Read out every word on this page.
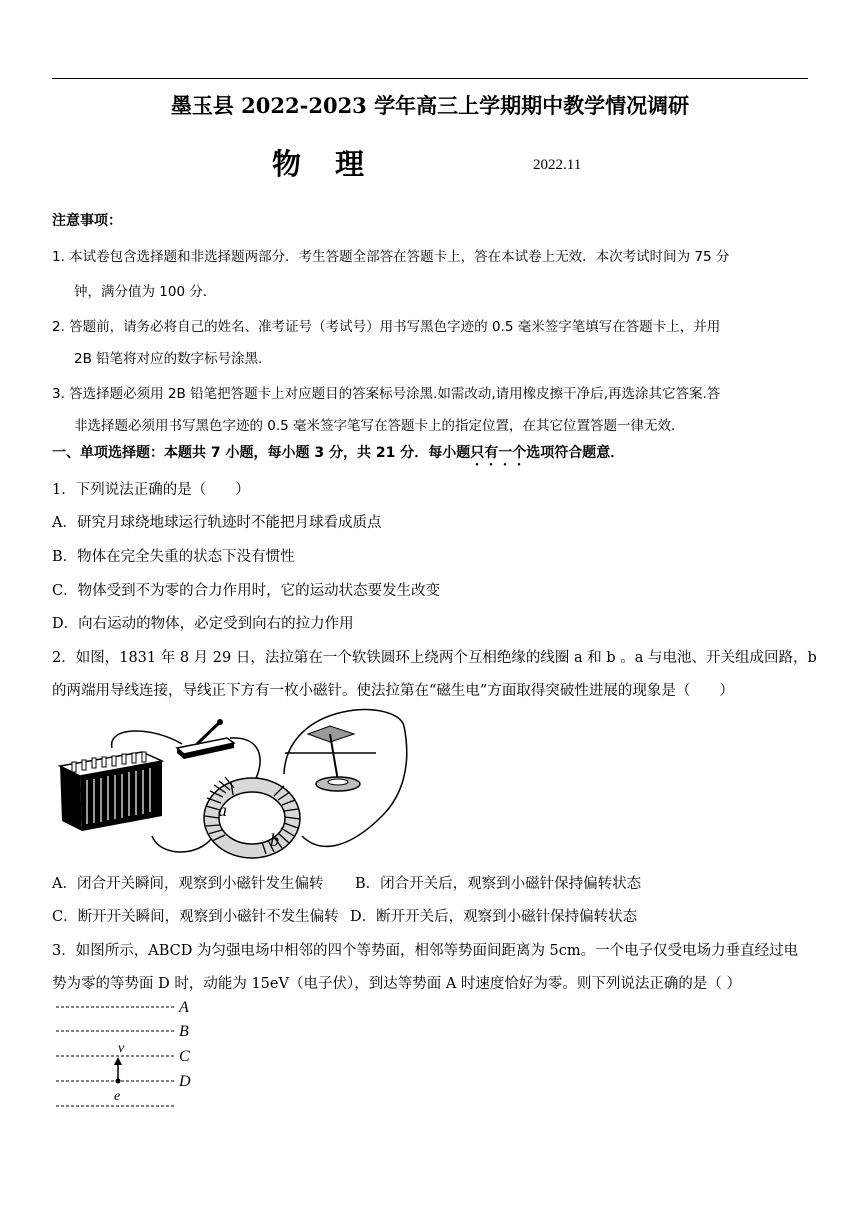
墨玉县 2022-2023 学年高三上学期期中教学情况调研
物理	2022.11
注意事项：
1. 本试卷包含选择题和非选择题两部分．考生答题全部答在答题卡上，答在本试卷上无效．本次考试时间为 75 分
钟，满分值为 100 分．
2. 答题前，请务必将自己的姓名、准考证号（考试号）用书写黑色字迹的 0.5 毫米签字笔填写在答题卡上，并用
2B 铅笔将对应的数字标号涂黑．
3. 答选择题必须用 2B 铅笔把答题卡上对应题目的答案标号涂黑.如需改动,请用橡皮擦干净后,再选涂其它答案.答
非选择题必须用书写黑色字迹的 0.5 毫米签字笔写在答题卡上的指定位置，在其它位置答题一律无效．
一、单项选择题：本题共 7 小题，每小题 3 分，共 21 分．每小题只有一个选项符合题意．
1．下列说法正确的是（　　）
A．研究月球绕地球运行轨迹时不能把月球看成质点
B．物体在完全失重的状态下没有惯性
C．物体受到不为零的合力作用时，它的运动状态要发生改变
D．向右运动的物体，必定受到向右的拉力作用
2．如图，1831 年 8 月 29 日，法拉第在一个软铁圆环上绕两个互相绝缘的线圈 a 和 b 。a 与电池、开关组成回路，b
的两端用导线连接，导线正下方有一枚小磁针。使法拉第在“磁生电”方面取得突破性进展的现象是（　　）
a
b
A．闭合开关瞬间，观察到小磁针发生偏转 B．闭合开关后，观察到小磁针保持偏转状态
C．断开开关瞬间，观察到小磁针不发生偏转 D．断开开关后，观察到小磁针保持偏转状态
3．如图所示，ABCD 为匀强电场中相邻的四个等势面，相邻等势面间距离为 5cm。一个电子仅受电场力垂直经过电
势为零的等势面 D 时，动能为 15eV（电子伏），到达等势面 A 时速度恰好为零。则下列说法正确的是（ ）
A
B
C
D
v
e
